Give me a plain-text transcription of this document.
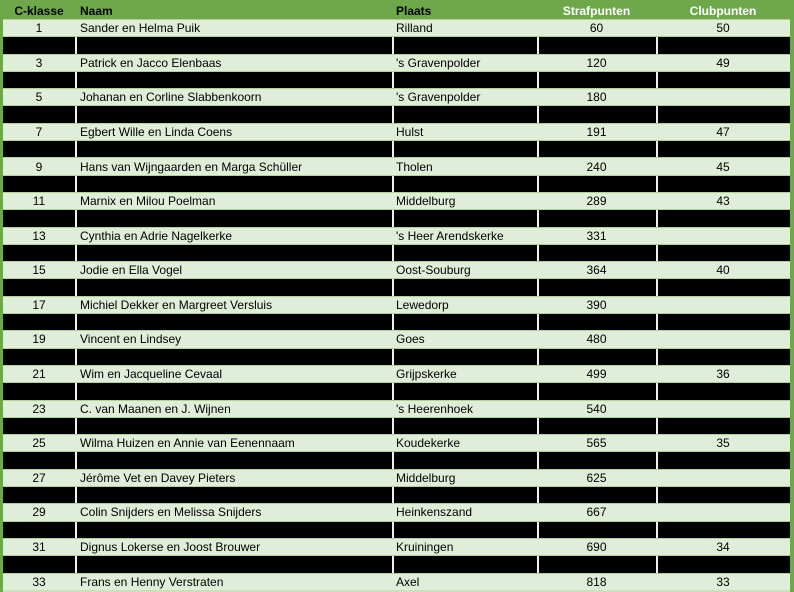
C-klasse	Naam	Plaats	Strafpunten	Clubpunten
1	Sander en Helma Puik	Rilland	60	50
3	Patrick en Jacco Elenbaas	's Gravenpolder	120	49
5	Johanan en Corline Slabbenkoorn	's Gravenpolder	180
7	Egbert Wille en Linda Coens	Hulst	191	47
9	Hans van Wijngaarden en Marga Schüller	Tholen	240	45
11	Marnix en Milou Poelman	Middelburg	289	43
13	Cynthia en Adrie Nagelkerke	's Heer Arendskerke	331
15	Jodie en Ella Vogel	Oost-Souburg	364	40
17	Michiel Dekker en Margreet Versluis	Lewedorp	390
19	Vincent en Lindsey	Goes	480
21	Wim en Jacqueline Cevaal	Grijpskerke	499	36
23	C. van Maanen en J. Wijnen	's Heerenhoek	540
25	Wilma Huizen en Annie van Eenennaam	Koudekerke	565	35
27	Jérôme Vet en Davey Pieters	Middelburg	625
29	Colin Snijders en Melissa Snijders	Heinkenszand	667
31	Dignus Lokerse en Joost Brouwer	Kruiningen	690	34
33	Frans en Henny Verstraten	Axel	818	33
